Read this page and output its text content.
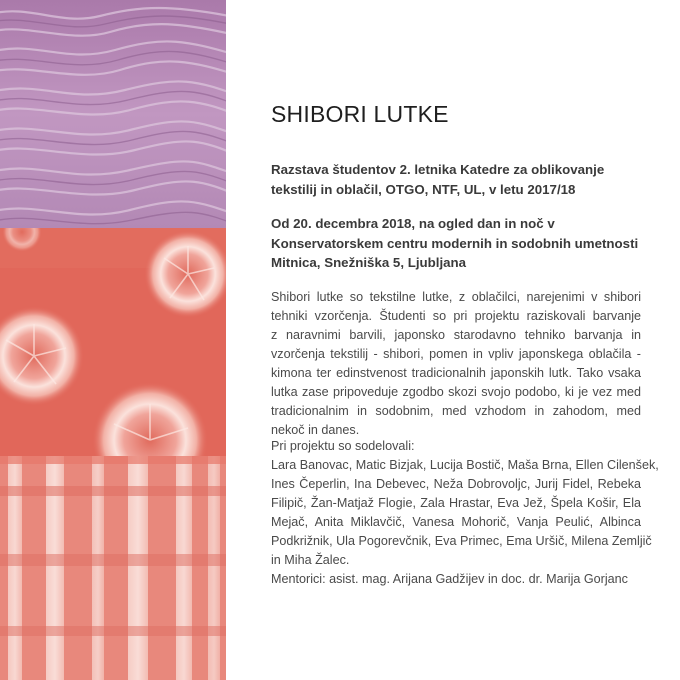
SHIBORI LUTKE
Razstava študentov 2. letnika Katedre za oblikovanje
tekstilij in oblačil, OTGO, NTF, UL, v letu 2017/18
Od 20. decembra 2018, na ogled dan in noč v
Konservatorskem centru modernih in sodobnih umetnosti
Mitnica, Snežniška 5, Ljubljana
Shibori lutke so tekstilne lutke, z oblačilci, narejenimi v shibori
tehniki vzorčenja. Študenti so pri projektu raziskovali barvanje
z naravnimi barvili, japonsko starodavno tehniko barvanja in
vzorčenja tekstilij - shibori, pomen in vpliv japonskega oblačila -
kimona ter edinstvenost tradicionalnih japonskih lutk. Tako vsaka
lutka zase pripoveduje zgodbo skozi svojo podobo, ki je vez med
tradicionalnim in sodobnim, med vzhodom in zahodom, med
nekoč in danes.
Pri projektu so sodelovali:
Lara Banovac, Matic Bizjak, Lucija Bostič, Maša Brna, Ellen Cilenšek,
Ines Čeperlin, Ina Debevec, Neža Dobrovoljc, Jurij Fidel, Rebeka
Filipič, Žan-Matjaž Flogie, Zala Hrastar, Eva Jež, Špela Košir, Ela
Mejač, Anita Miklavčič, Vanesa Mohorič, Vanja Peulić, Albinca
Podkrižnik, Ula Pogorevčnik, Eva Primec, Ema Uršič, Milena Zemljič
in Miha Žalec.
Mentorici: asist. mag. Arijana Gadžijev in doc. dr. Marija Gorjanc
